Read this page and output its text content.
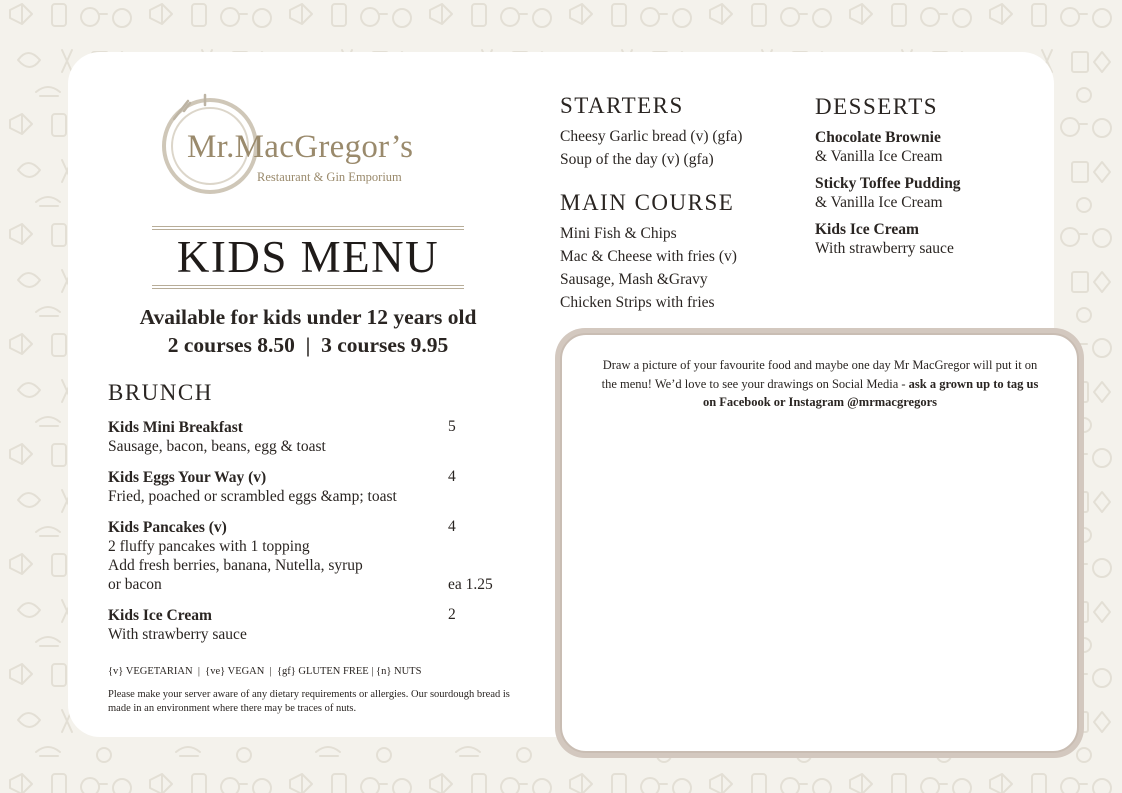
Mr.MacGregor’s
Restaurant & Gin Emporium
KIDS MENU
Available for kids under 12 years old
2 courses 8.50  |  3 courses 9.95
BRUNCH
Kids Mini Breakfast
Sausage, bacon, beans, egg & toast
5
Kids Eggs Your Way (v)
Fried, poached or scrambled eggs &amp; toast
4
Kids Pancakes (v)
2 fluffy pancakes with 1 topping
Add fresh berries, banana, Nutella, syrup
or bacon
4
ea 1.25
Kids Ice Cream
With strawberry sauce
2
{v} VEGETARIAN  |  {ve} VEGAN  |  {gf} GLUTEN FREE | {n} NUTS
Please make your server aware of any dietary requirements or allergies. Our sourdough bread is made in an environment where there may be traces of nuts.
STARTERS
Cheesy Garlic bread (v) (gfa)
Soup of the day (v) (gfa)
MAIN COURSE
Mini Fish & Chips
Mac & Cheese with fries (v)
Sausage, Mash &Gravy
Chicken Strips with fries
DESSERTS
Chocolate Brownie
& Vanilla Ice Cream
Sticky Toffee Pudding
& Vanilla Ice Cream
Kids Ice Cream
With strawberry sauce
Draw a picture of your favourite food and maybe one day Mr MacGregor will put it on the menu! We’d love to see your drawings on Social Media - ask a grown up to tag us on Facebook or Instagram @mrmacgregors
